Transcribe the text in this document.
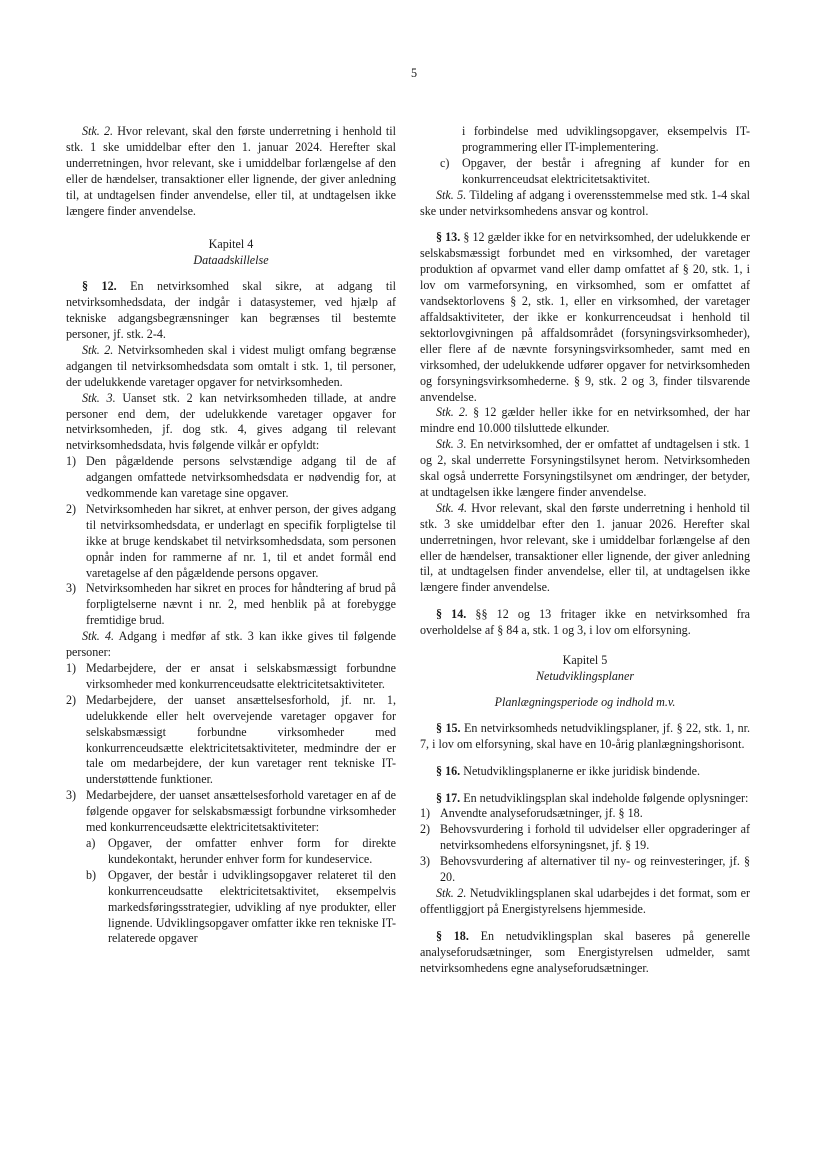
5

Stk. 2. Hvor relevant, skal den første underretning i henhold til stk. 1 ske umiddelbar efter den 1. januar 2024. Herefter skal underretningen, hvor relevant, ske i umiddelbar forlængelse af den eller de hændelser, transaktioner eller lignende, der giver anledning til, at undtagelsen finder anvendelse, eller til, at undtagelsen ikke længere finder anvendelse.

Kapitel 4
Dataadskillelse

§ 12. En netvirksomhed skal sikre, at adgang til netvirksomhedsdata, der indgår i datasystemer, ved hjælp af tekniske adgangsbegrænsninger kan begrænses til bestemte personer, jf. stk. 2-4.

Stk. 2. Netvirksomheden skal i videst muligt omfang begrænse adgangen til netvirksomhedsdata som omtalt i stk. 1, til personer, der udelukkende varetager opgaver for netvirksomheden.

Stk. 3. Uanset stk. 2 kan netvirksomheden tillade, at andre personer end dem, der udelukkende varetager opgaver for netvirksomheden, jf. dog stk. 4, gives adgang til relevant netvirksomhedsdata, hvis følgende vilkår er opfyldt:

1) Den pågældende persons selvstændige adgang til de af adgangen omfattede netvirksomhedsdata er nødvendig for, at vedkommende kan varetage sine opgaver.
2) Netvirksomheden har sikret, at enhver person, der gives adgang til netvirksomhedsdata, er underlagt en specifik forpligtelse til ikke at bruge kendskabet til netvirksomhedsdata, som personen opnår inden for rammerne af nr. 1, til et andet formål end varetagelse af den pågældende persons opgaver.
3) Netvirksomheden har sikret en proces for håndtering af brud på forpligtelserne nævnt i nr. 2, med henblik på at forebygge fremtidige brud.

Stk. 4. Adgang i medfør af stk. 3 kan ikke gives til følgende personer:

1) Medarbejdere, der er ansat i selskabsmæssigt forbundne virksomheder med konkurrenceudsatte elektricitetsaktiviteter.
2) Medarbejdere, der uanset ansættelsesforhold, jf. nr. 1, udelukkende eller helt overvejende varetager opgaver for selskabsmæssigt forbundne virksomheder med konkurrenceudsætte elektricitetsaktiviteter, medmindre der er tale om medarbejdere, der kun varetager rent tekniske IT-understøttende funktioner.
3) Medarbejdere, der uanset ansættelsesforhold varetager en af de følgende opgaver for selskabsmæssigt forbundne virksomheder med konkurrenceudsætte elektricitetsaktiviteter:
a)	Opgaver, der omfatter enhver form for direkte kundekontakt, herunder enhver form for kundeservice.
b) Opgaver, der består i udviklingsopgaver relateret til den konkurrenceudsatte elektricitetsaktivitet, eksempelvis markedsføringsstrategier, udvikling af nye produkter, eller lignende. Udviklingsopgaver omfatter ikke ren tekniske IT-relaterede opgaver
i forbindelse med udviklingsopgaver, eksempelvis IT-programmering eller IT-implementering.
c)	Opgaver, der består i afregning af kunder for en konkurrenceudsat elektricitetsaktivitet.

Stk. 5. Tildeling af adgang i overensstemmelse med stk. 1-4 skal ske under netvirksomhedens ansvar og kontrol.

§ 13. § 12 gælder ikke for en netvirksomhed, der udelukkende er selskabsmæssigt forbundet med en virksomhed, der varetager produktion af opvarmet vand eller damp omfattet af § 20, stk. 1, i lov om varmeforsyning, en virksomhed, som er omfattet af vandsektorlovens § 2, stk. 1, eller en virksomhed, der varetager affaldsaktiviteter, der ikke er konkurrenceudsat i henhold til sektorlovgivningen på affaldsområdet (forsyningsvirksomheder), eller flere af de nævnte forsyningsvirksomheder, samt med en virksomhed, der udelukkende udfører opgaver for netvirksomheden og forsyningsvirksomhederne. § 9, stk. 2 og 3, finder tilsvarende anvendelse.

Stk. 2. § 12 gælder heller ikke for en netvirksomhed, der har mindre end 10.000 tilsluttede elkunder.

Stk. 3. En netvirksomhed, der er omfattet af undtagelsen i stk. 1 og 2, skal underrette Forsyningstilsynet herom. Netvirksomheden skal også underrette Forsyningstilsynet om ændringer, der betyder, at undtagelsen ikke længere finder anvendelse.

Stk. 4. Hvor relevant, skal den første underretning i henhold til stk. 3 ske umiddelbar efter den 1. januar 2026. Herefter skal underretningen, hvor relevant, ske i umiddelbar forlængelse af den eller de hændelser, transaktioner eller lignende, der giver anledning til, at undtagelsen finder anvendelse, eller til, at undtagelsen ikke længere finder anvendelse.

§ 14. §§ 12 og 13 fritager ikke en netvirksomhed fra overholdelse af § 84 a, stk. 1 og 3, i lov om elforsyning.

Kapitel 5
Netudviklingsplaner
Planlægningsperiode og indhold m.v.

§ 15. En netvirksomheds netudviklingsplaner, jf. § 22, stk. 1, nr. 7, i lov om elforsyning, skal have en 10-årig planlægningshorisont.

§ 16. Netudviklingsplanerne er ikke juridisk bindende.

§ 17. En netudviklingsplan skal indeholde følgende oplysninger:

1) Anvendte analyseforudsætninger, jf. § 18.
2) Behovsvurdering i forhold til udvidelser eller opgraderinger af netvirksomhedens elforsyningsnet, jf. § 19.
3) Behovsvurdering af alternativer til ny- og reinvesteringer, jf. § 20.

Stk. 2. Netudviklingsplanen skal udarbejdes i det format, som er offentliggjort på Energistyrelsens hjemmeside.

§ 18. En netudviklingsplan skal baseres på generelle analyseforudsætninger, som Energistyrelsen udmelder, samt netvirksomhedens egne analyseforudsætninger.
